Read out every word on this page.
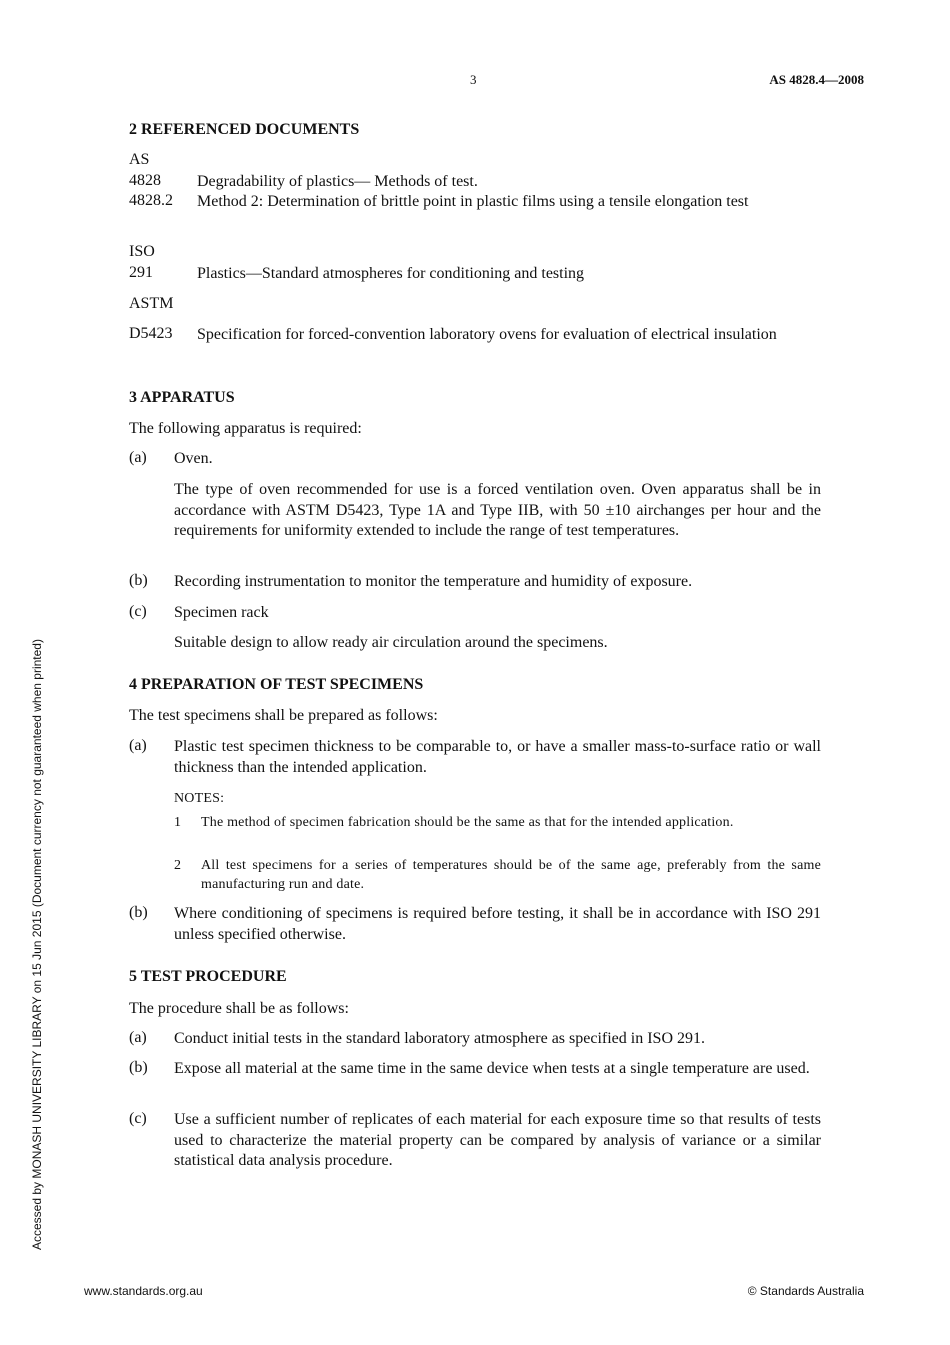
3	AS 4828.4—2008
Accessed by MONASH UNIVERSITY LIBRARY on 15 Jun 2015 (Document currency not guaranteed when printed)
2 REFERENCED DOCUMENTS
AS
4828 Degradability of plastics— Methods of test.
4828.2 Method 2: Determination of brittle point in plastic films using a tensile elongation test
ISO
291	Plastics—Standard atmospheres for conditioning and testing
ASTM
D5423 Specification for forced-convention laboratory ovens for evaluation of electrical insulation
3 APPARATUS
The following apparatus is required:
(a) Oven.
The type of oven recommended for use is a forced ventilation oven. Oven apparatus shall be in accordance with ASTM D5423, Type 1A and Type IIB, with 50 ±10 airchanges per hour and the requirements for uniformity extended to include the range of test temperatures.
(b) Recording instrumentation to monitor the temperature and humidity of exposure.
(c) Specimen rack
Suitable design to allow ready air circulation around the specimens.
4 PREPARATION OF TEST SPECIMENS
The test specimens shall be prepared as follows:
(a) Plastic test specimen thickness to be comparable to, or have a smaller mass-to-surface ratio or wall thickness than the intended application.
NOTES:
1 The method of specimen fabrication should be the same as that for the intended application.
2 All test specimens for a series of temperatures should be of the same age, preferably from the same manufacturing run and date.
(b) Where conditioning of specimens is required before testing, it shall be in accordance with ISO 291 unless specified otherwise.
5 TEST PROCEDURE
The procedure shall be as follows:
(a) Conduct initial tests in the standard laboratory atmosphere as specified in ISO 291.
(b) Expose all material at the same time in the same device when tests at a single temperature are used.
(c) Use a sufficient number of replicates of each material for each exposure time so that results of tests used to characterize the material property can be compared by analysis of variance or a similar statistical data analysis procedure.
www.standards.org.au	© Standards Australia
